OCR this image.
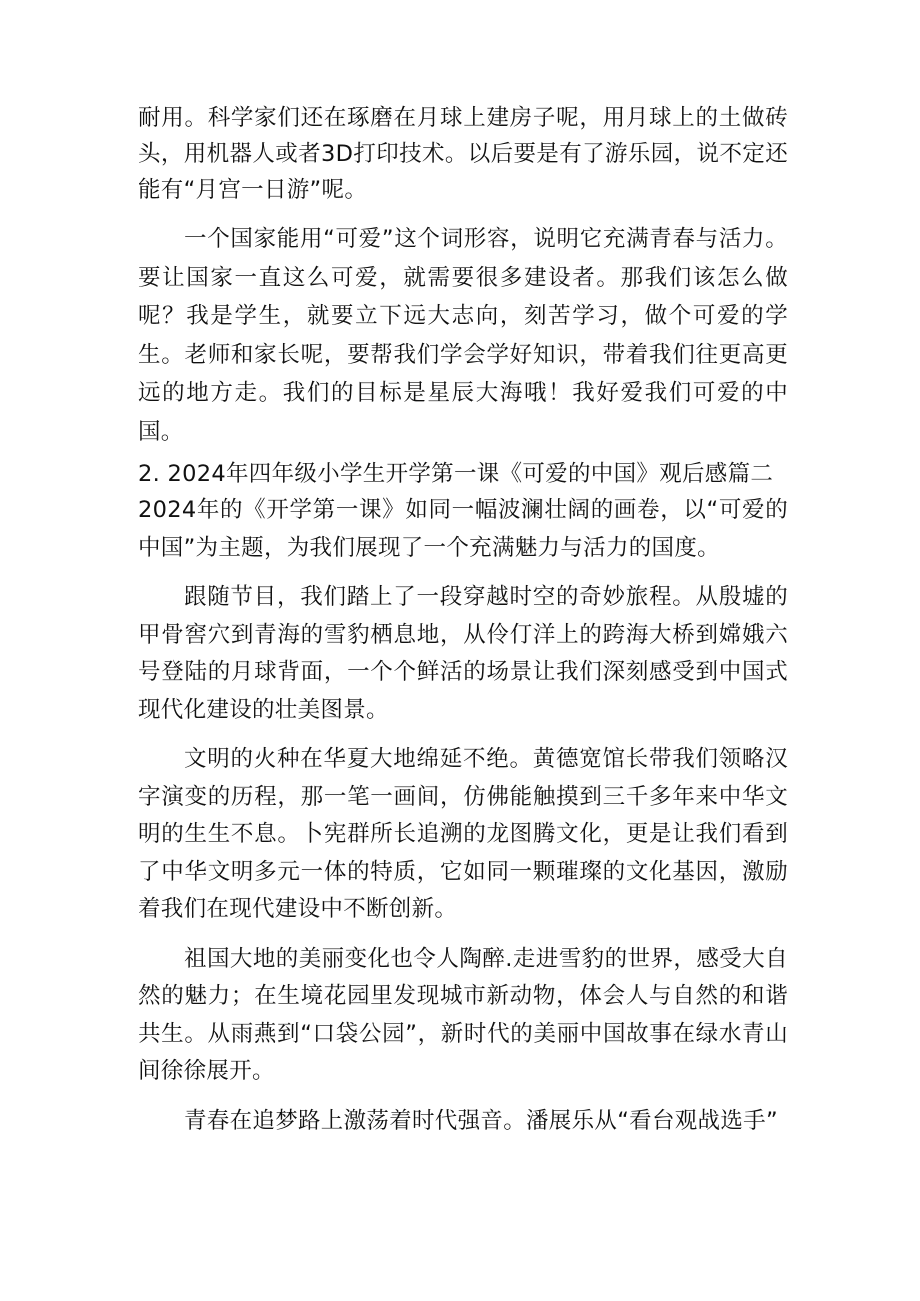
耐用。科学家们还在琢磨在月球上建房子呢，用月球上的土做砖头，用机器人或者3D打印技术。以后要是有了游乐园，说不定还能有“月宫一日游”呢。

一个国家能用“可爱”这个词形容，说明它充满青春与活力。要让国家一直这么可爱，就需要很多建设者。那我们该怎么做呢？我是学生，就要立下远大志向，刻苦学习，做个可爱的学生。老师和家长呢，要帮我们学会学好知识，带着我们往更高更远的地方走。我们的目标是星辰大海哦！我好爱我们可爱的中国。

2. 2024年四年级小学生开学第一课《可爱的中国》观后感篇二

2024年的《开学第一课》如同一幅波澜壮阔的画卷，以“可爱的中国”为主题，为我们展现了一个充满魅力与活力的国度。

跟随节目，我们踏上了一段穿越时空的奇妙旅程。从殷墟的甲骨窖穴到青海的雪豹栖息地，从伶仃洋上的跨海大桥到嫦娥六号登陆的月球背面，一个个鲜活的场景让我们深刻感受到中国式现代化建设的壮美图景。

文明的火种在华夏大地绵延不绝。黄德宽馆长带我们领略汉字演变的历程，那一笔一画间，仿佛能触摸到三千多年来中华文明的生生不息。卜宪群所长追溯的龙图腾文化，更是让我们看到了中华文明多元一体的特质，它如同一颗璀璨的文化基因，激励着我们在现代建设中不断创新。

祖国大地的美丽变化也令人陶醉.走进雪豹的世界，感受大自然的魅力；在生境花园里发现城市新动物，体会人与自然的和谐共生。从雨燕到“口袋公园”，新时代的美丽中国故事在绿水青山间徐徐展开。

青春在追梦路上激荡着时代强音。潘展乐从“看台观战选手”
